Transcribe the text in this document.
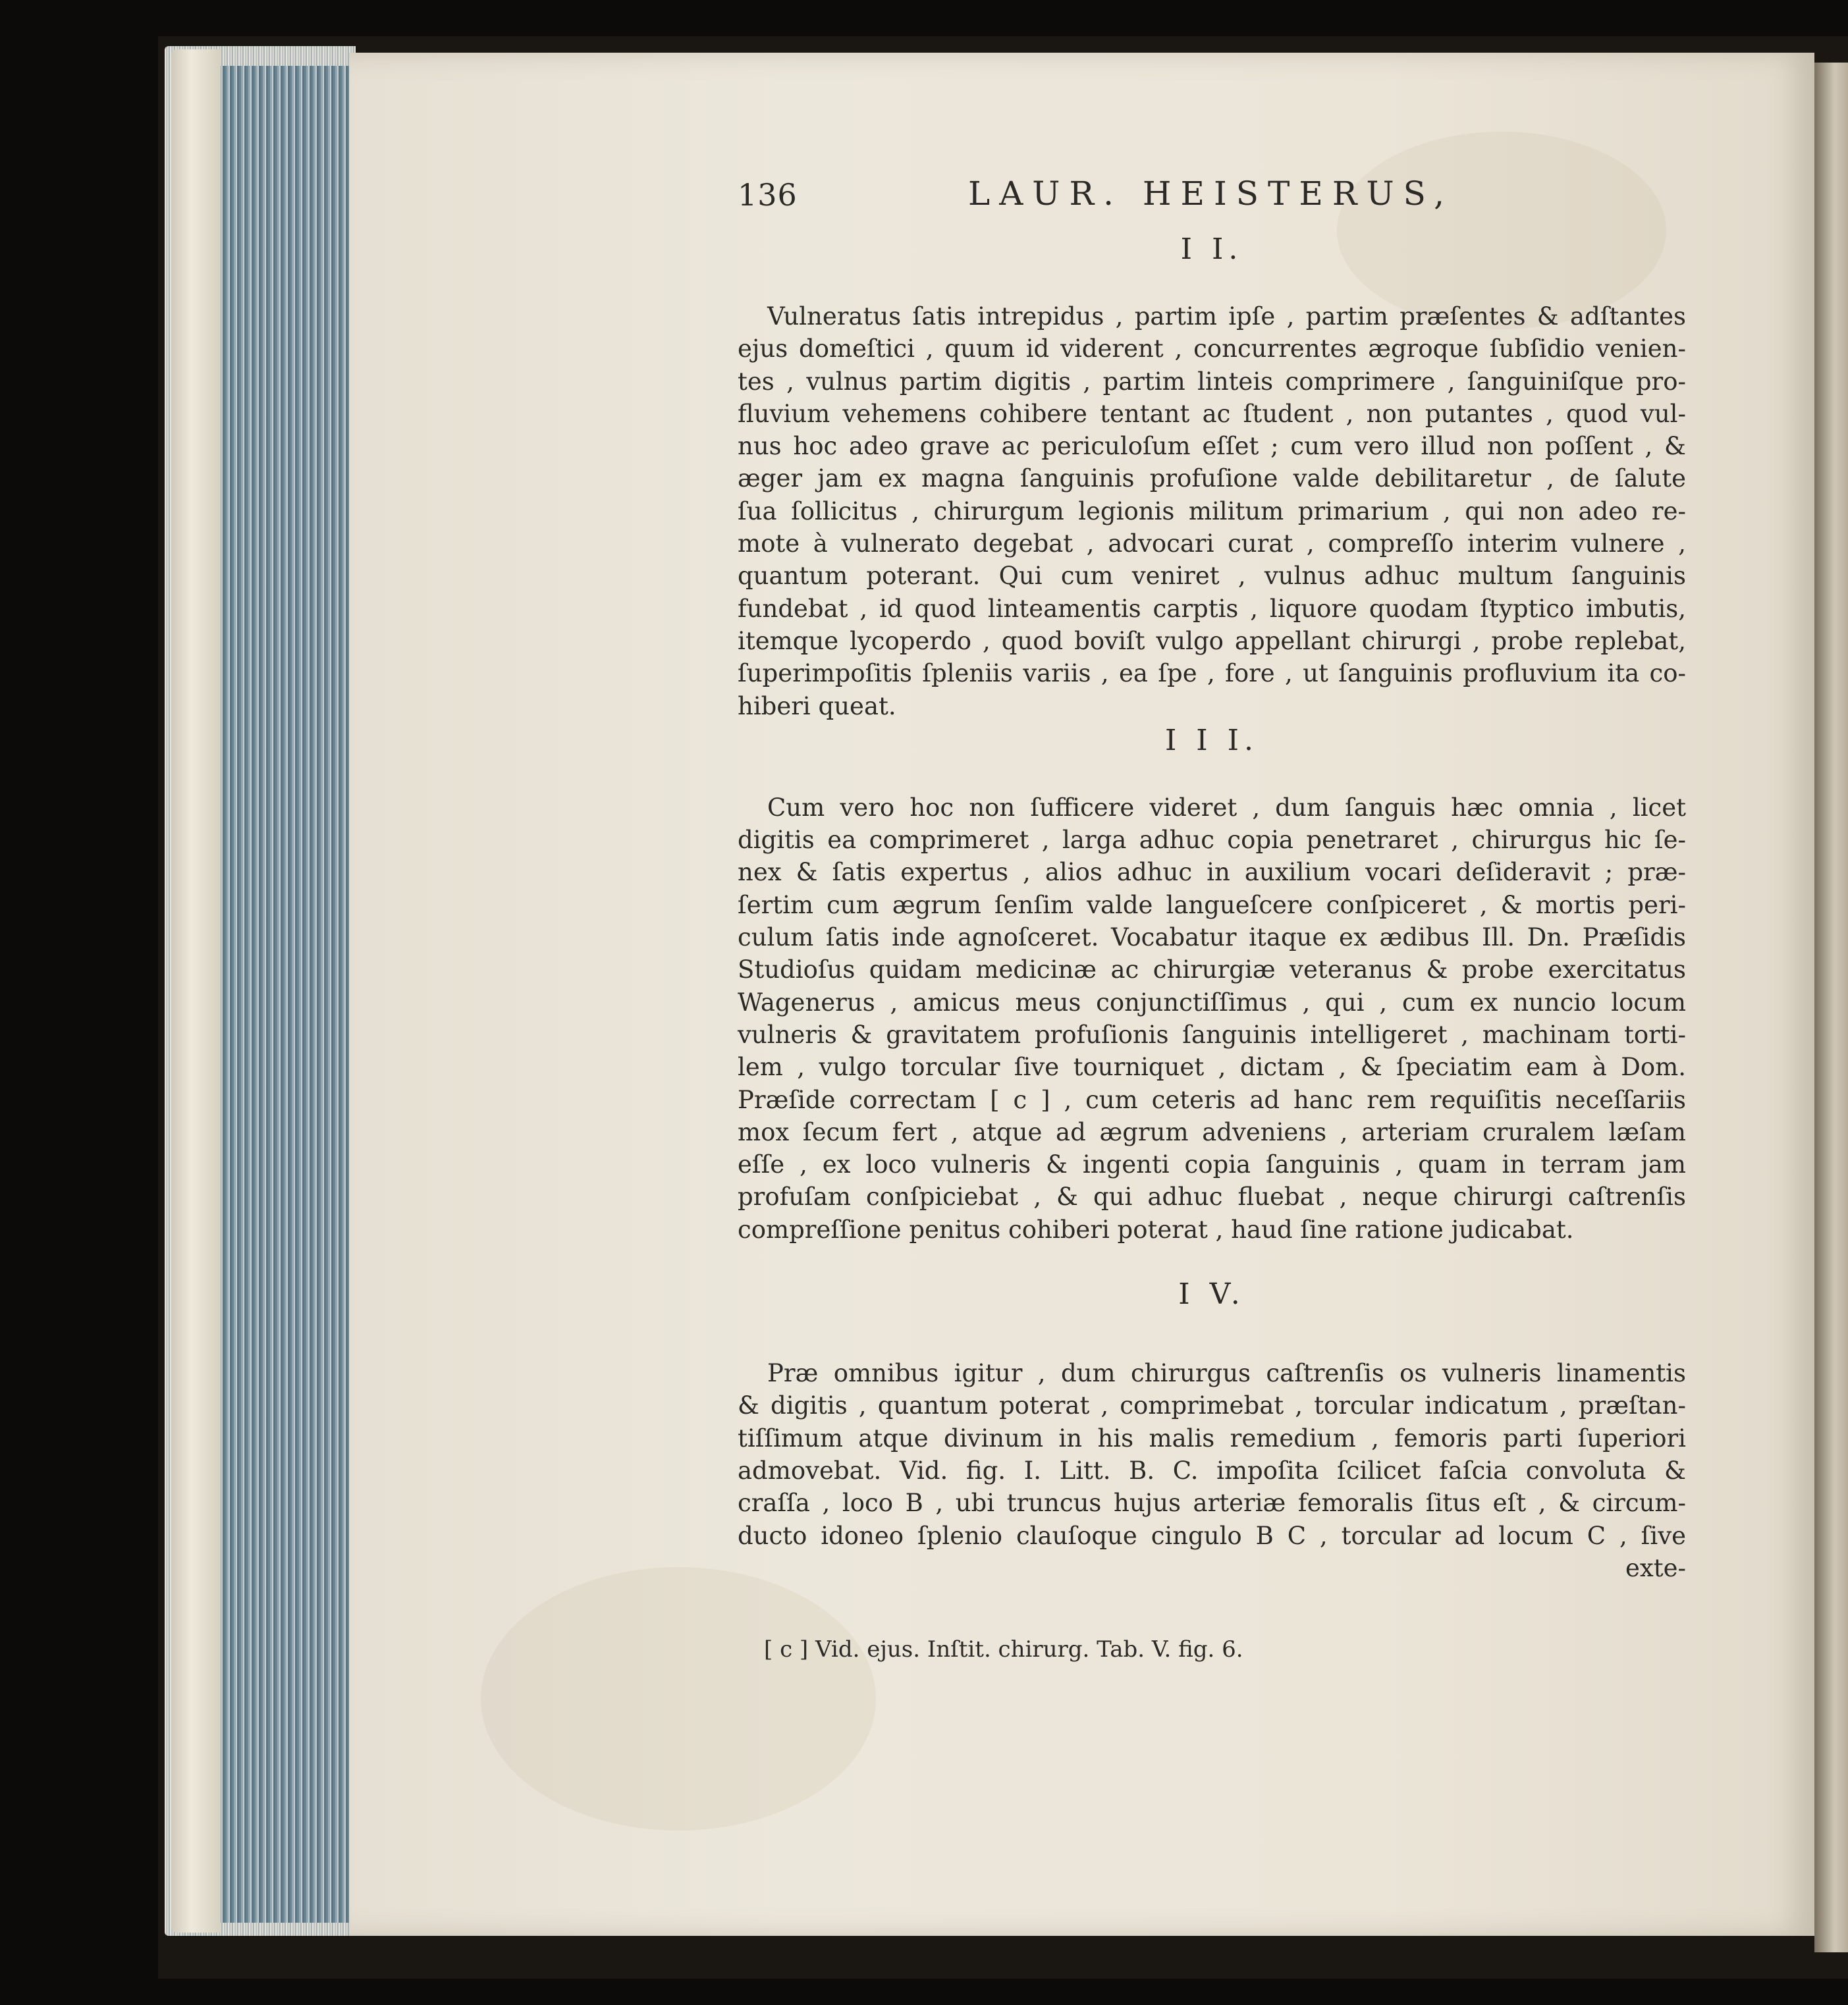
136	LAUR. HEISTERUS,
I I.
Vulneratus ſatis intrepidus , partim ipſe , partim præſentes & adſtantes
ejus domeſtici , quum id viderent , concurrentes ægroque ſubſidio venien-
tes , vulnus partim digitis , partim linteis comprimere , ſanguiniſque pro-
fluvium vehemens cohibere tentant ac ſtudent , non putantes , quod vul-
nus hoc adeo grave ac periculoſum eſſet ; cum vero illud non poſſent , &
æger jam ex magna ſanguinis profuſione valde debilitaretur , de ſalute
ſua ſollicitus , chirurgum legionis militum primarium , qui non adeo re-
mote à vulnerato degebat , advocari curat , compreſſo interim vulnere ,
quantum poterant. Qui cum veniret , vulnus adhuc multum ſanguinis
fundebat , id quod linteamentis carptis , liquore quodam ſtyptico imbutis,
itemque lycoperdo , quod boviſt vulgo appellant chirurgi , probe replebat,
ſuperimpoſitis ſpleniis variis , ea ſpe , fore , ut ſanguinis profluvium ita co-
hiberi queat.
I I I.
Cum vero hoc non ſufficere videret , dum ſanguis hæc omnia , licet
digitis ea comprimeret , larga adhuc copia penetraret , chirurgus hic ſe-
nex & ſatis expertus , alios adhuc in auxilium vocari deſideravit ; præ-
ſertim cum ægrum ſenſim valde langueſcere conſpiceret , & mortis peri-
culum ſatis inde agnoſceret. Vocabatur itaque ex ædibus Ill. Dn. Præſidis
Studioſus quidam medicinæ ac chirurgiæ veteranus & probe exercitatus
Wagenerus , amicus meus conjunctiſſimus , qui , cum ex nuncio locum
vulneris & gravitatem profuſionis ſanguinis intelligeret , machinam torti-
lem , vulgo torcular ſive tourniquet , dictam , & ſpeciatim eam à Dom.
Præſide correctam [ c ] , cum ceteris ad hanc rem requiſitis neceſſariis
mox ſecum fert , atque ad ægrum adveniens , arteriam cruralem læſam
eſſe , ex loco vulneris & ingenti copia ſanguinis , quam in terram jam
profuſam conſpiciebat , & qui adhuc fluebat , neque chirurgi caſtrenſis
compreſſione penitus cohiberi poterat , haud ſine ratione judicabat.
I V.
Præ omnibus igitur , dum chirurgus caſtrenſis os vulneris linamentis
& digitis , quantum poterat , comprimebat , torcular indicatum , præſtan-
tiſſimum atque divinum in his malis remedium , femoris parti ſuperiori
admovebat. Vid. fig. I. Litt. B. C. impoſita ſcilicet faſcia convoluta &
craſſa , loco B , ubi truncus hujus arteriæ femoralis ſitus eſt , & circum-
ducto idoneo ſplenio clauſoque cingulo B C , torcular ad locum C , ſive
exte-
[ c ] Vid. ejus. Inſtit. chirurg. Tab. V. fig. 6.
